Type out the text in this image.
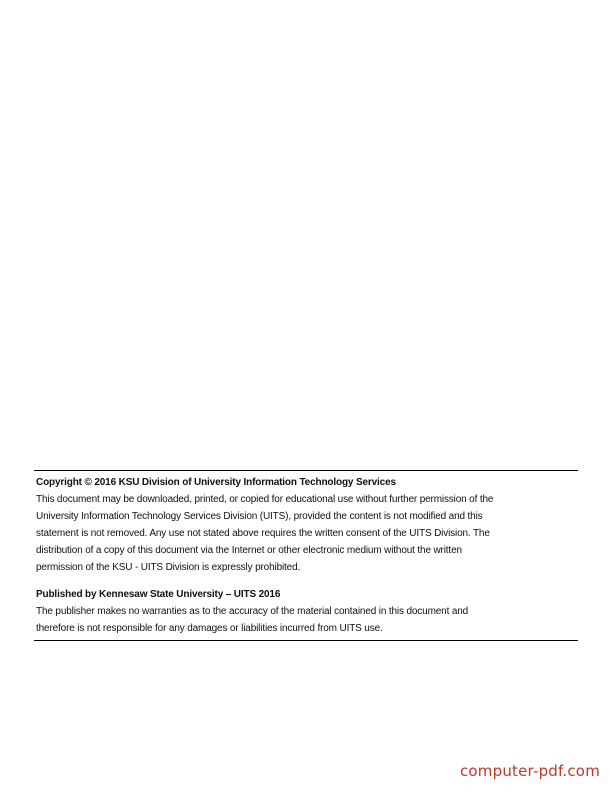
Copyright © 2016 KSU Division of University Information Technology Services

This document may be downloaded, printed, or copied for educational use without further permission of the

University Information Technology Services Division (UITS), provided the content is not modified and this

statement is not removed. Any use not stated above requires the written consent of the UITS Division. The

distribution of a copy of this document via the Internet or other electronic medium without the written

permission of the KSU - UITS Division is expressly prohibited.

Published by Kennesaw State University – UITS 2016

The publisher makes no warranties as to the accuracy of the material contained in this document and

therefore is not responsible for any damages or liabilities incurred from UITS use.

computer-pdf.com
